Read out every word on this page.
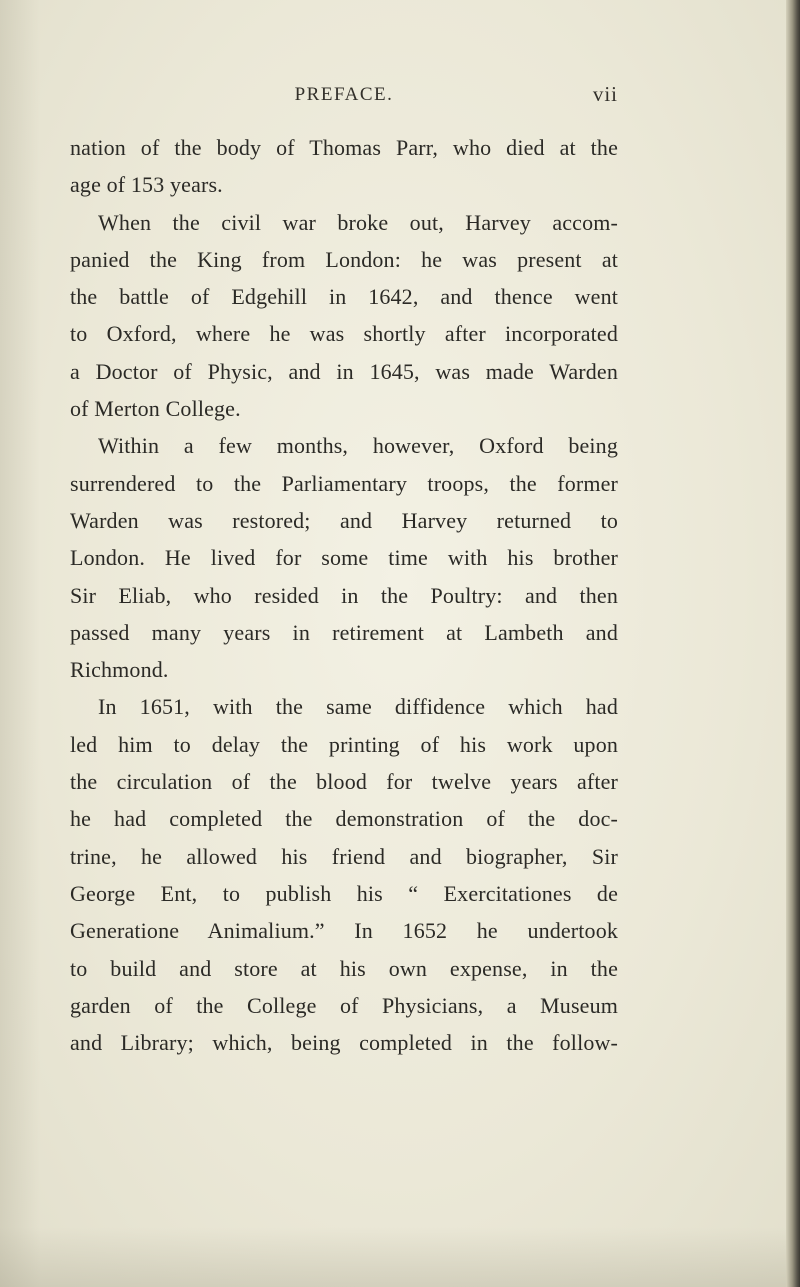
PREFACE.	vii
nation of the body of Thomas Parr, who died at the
age of 153 years.
When the civil war broke out, Harvey accom-
panied the King from London: he was present at
the battle of Edgehill in 1642, and thence went
to Oxford, where he was shortly after incorporated
a Doctor of Physic, and in 1645, was made Warden
of Merton College.
Within a few months, however, Oxford being
surrendered to the Parliamentary troops, the former
Warden was restored; and Harvey returned to
London. He lived for some time with his brother
Sir Eliab, who resided in the Poultry: and then
passed many years in retirement at Lambeth and
Richmond.
In 1651, with the same diffidence which had
led him to delay the printing of his work upon
the circulation of the blood for twelve years after
he had completed the demonstration of the doc-
trine, he allowed his friend and biographer, Sir
George Ent, to publish his “ Exercitationes de
Generatione Animalium.” In 1652 he undertook
to build and store at his own expense, in the
garden of the College of Physicians, a Museum
and Library; which, being completed in the follow-
